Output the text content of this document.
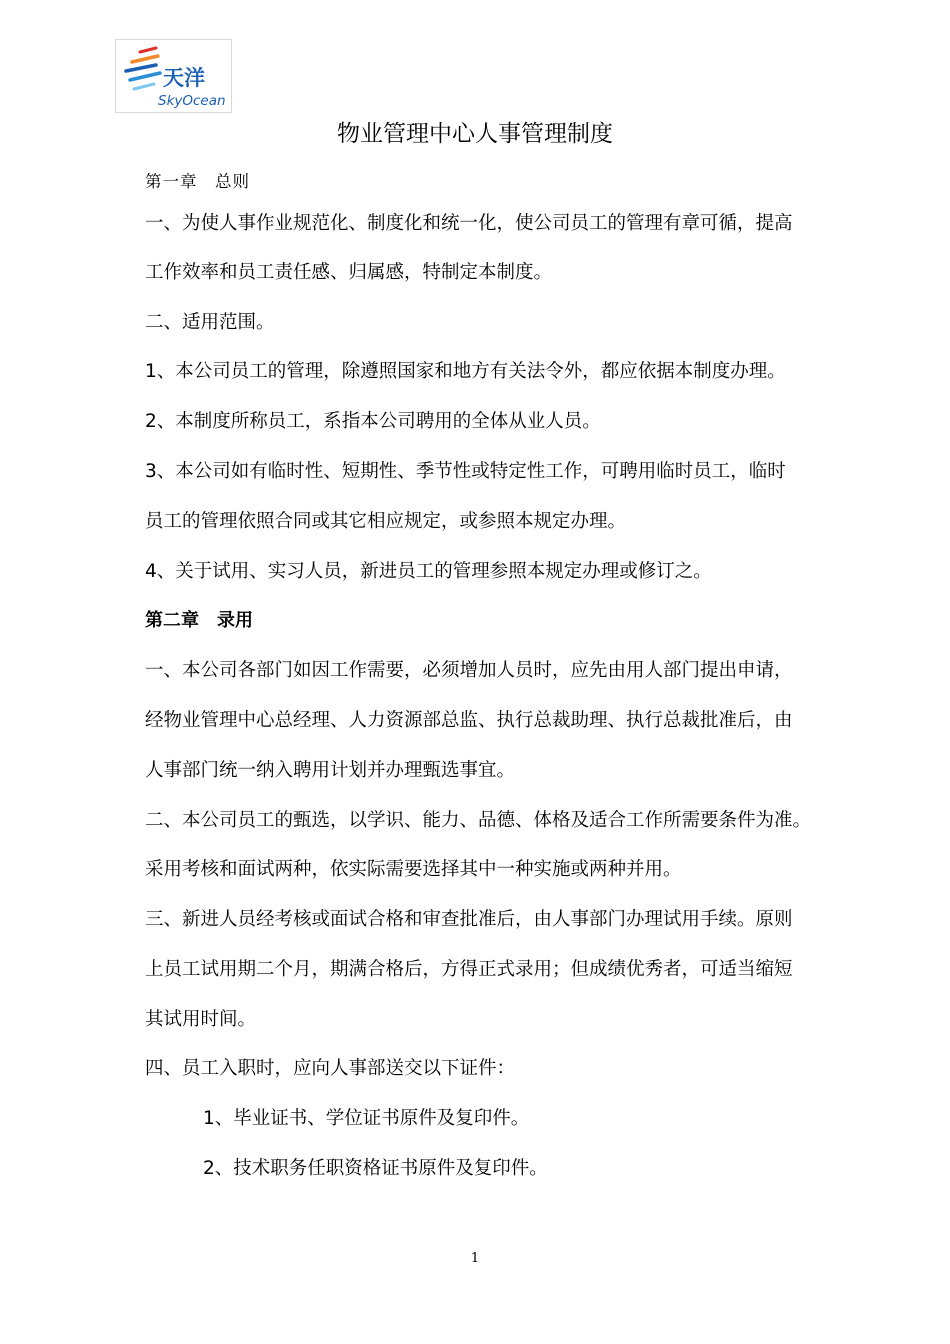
天洋
SkyOcean
物业管理中心人事管理制度
第一章　总则
一、为使人事作业规范化、制度化和统一化，使公司员工的管理有章可循，提高
工作效率和员工责任感、归属感，特制定本制度。
二、适用范围。
1、本公司员工的管理，除遵照国家和地方有关法令外，都应依据本制度办理。
2、本制度所称员工，系指本公司聘用的全体从业人员。
3、本公司如有临时性、短期性、季节性或特定性工作，可聘用临时员工，临时
员工的管理依照合同或其它相应规定，或参照本规定办理。
4、关于试用、实习人员，新进员工的管理参照本规定办理或修订之。
第二章　录用
一、本公司各部门如因工作需要，必须增加人员时，应先由用人部门提出申请，
经物业管理中心总经理、人力资源部总监、执行总裁助理、执行总裁批准后，由
人事部门统一纳入聘用计划并办理甄选事宜。
二、本公司员工的甄选，以学识、能力、品德、体格及适合工作所需要条件为准。
采用考核和面试两种，依实际需要选择其中一种实施或两种并用。
三、新进人员经考核或面试合格和审查批准后，由人事部门办理试用手续。原则
上员工试用期二个月，期满合格后，方得正式录用；但成绩优秀者，可适当缩短
其试用时间。
四、员工入职时，应向人事部送交以下证件：
1、毕业证书、学位证书原件及复印件。
2、技术职务任职资格证书原件及复印件。
1
